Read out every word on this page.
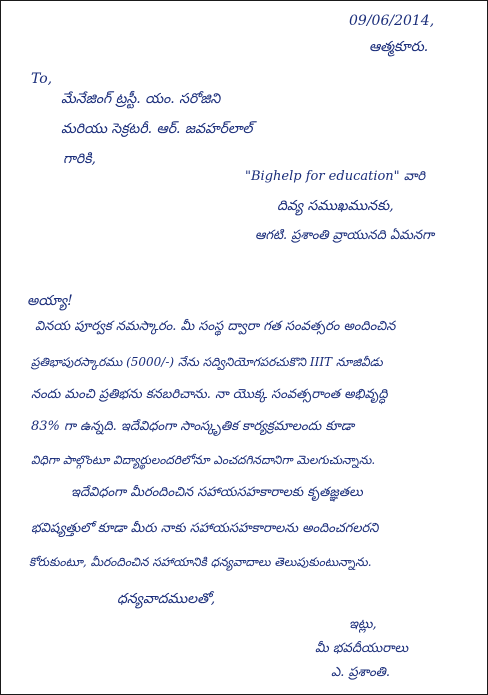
09/06/2014,
ఆత్మకూరు.
To,
మేనేజింగ్ ట్రస్టీ. యం. సరోజిని
మరియు సెక్రటరీ. ఆర్. జవహర్‌లాల్
గారికి,
"Bighelp for education" వారి
దివ్య సముఖమునకు,
ఆగటి. ప్రశాంతి వ్రాయునది ఏమనగా
అయ్యా!
వినయ పూర్వక నమస్కారం. మీ సంస్థ ద్వారా గత సంవత్సరం అందించిన
ప్రతిభాపురస్కారము (5000/-) నేను సద్వినియోగపరచుకొని IIIT నూజివీడు
నందు మంచి ప్రతిభను కనబరిచాను. నా యొక్క సంవత్సరాంత అభివృద్ధి
83% గా ఉన్నది. ఇదేవిధంగా సాంస్కృతిక కార్యక్రమాలందు కూడా
విధిగా పాల్గొంటూ విద్యార్థులందరిలోనూ ఎంచదగినదానిగా మెలగుచున్నాను.
ఇదేవిధంగా మీరందించిన సహాయసహకారాలకు కృతజ్ఞతలు
భవిష్యత్తులో కూడా మీరు నాకు సహాయసహకారాలను అందించగలరని
కోరుకుంటూ, మీరందించిన సహాయానికి ధన్యవాదాలు తెలుపుకుంటున్నాను.
ధన్యవాదములతో,
ఇట్లు,
మీ భవదీయురాలు
ఎ. ప్రశాంతి.
